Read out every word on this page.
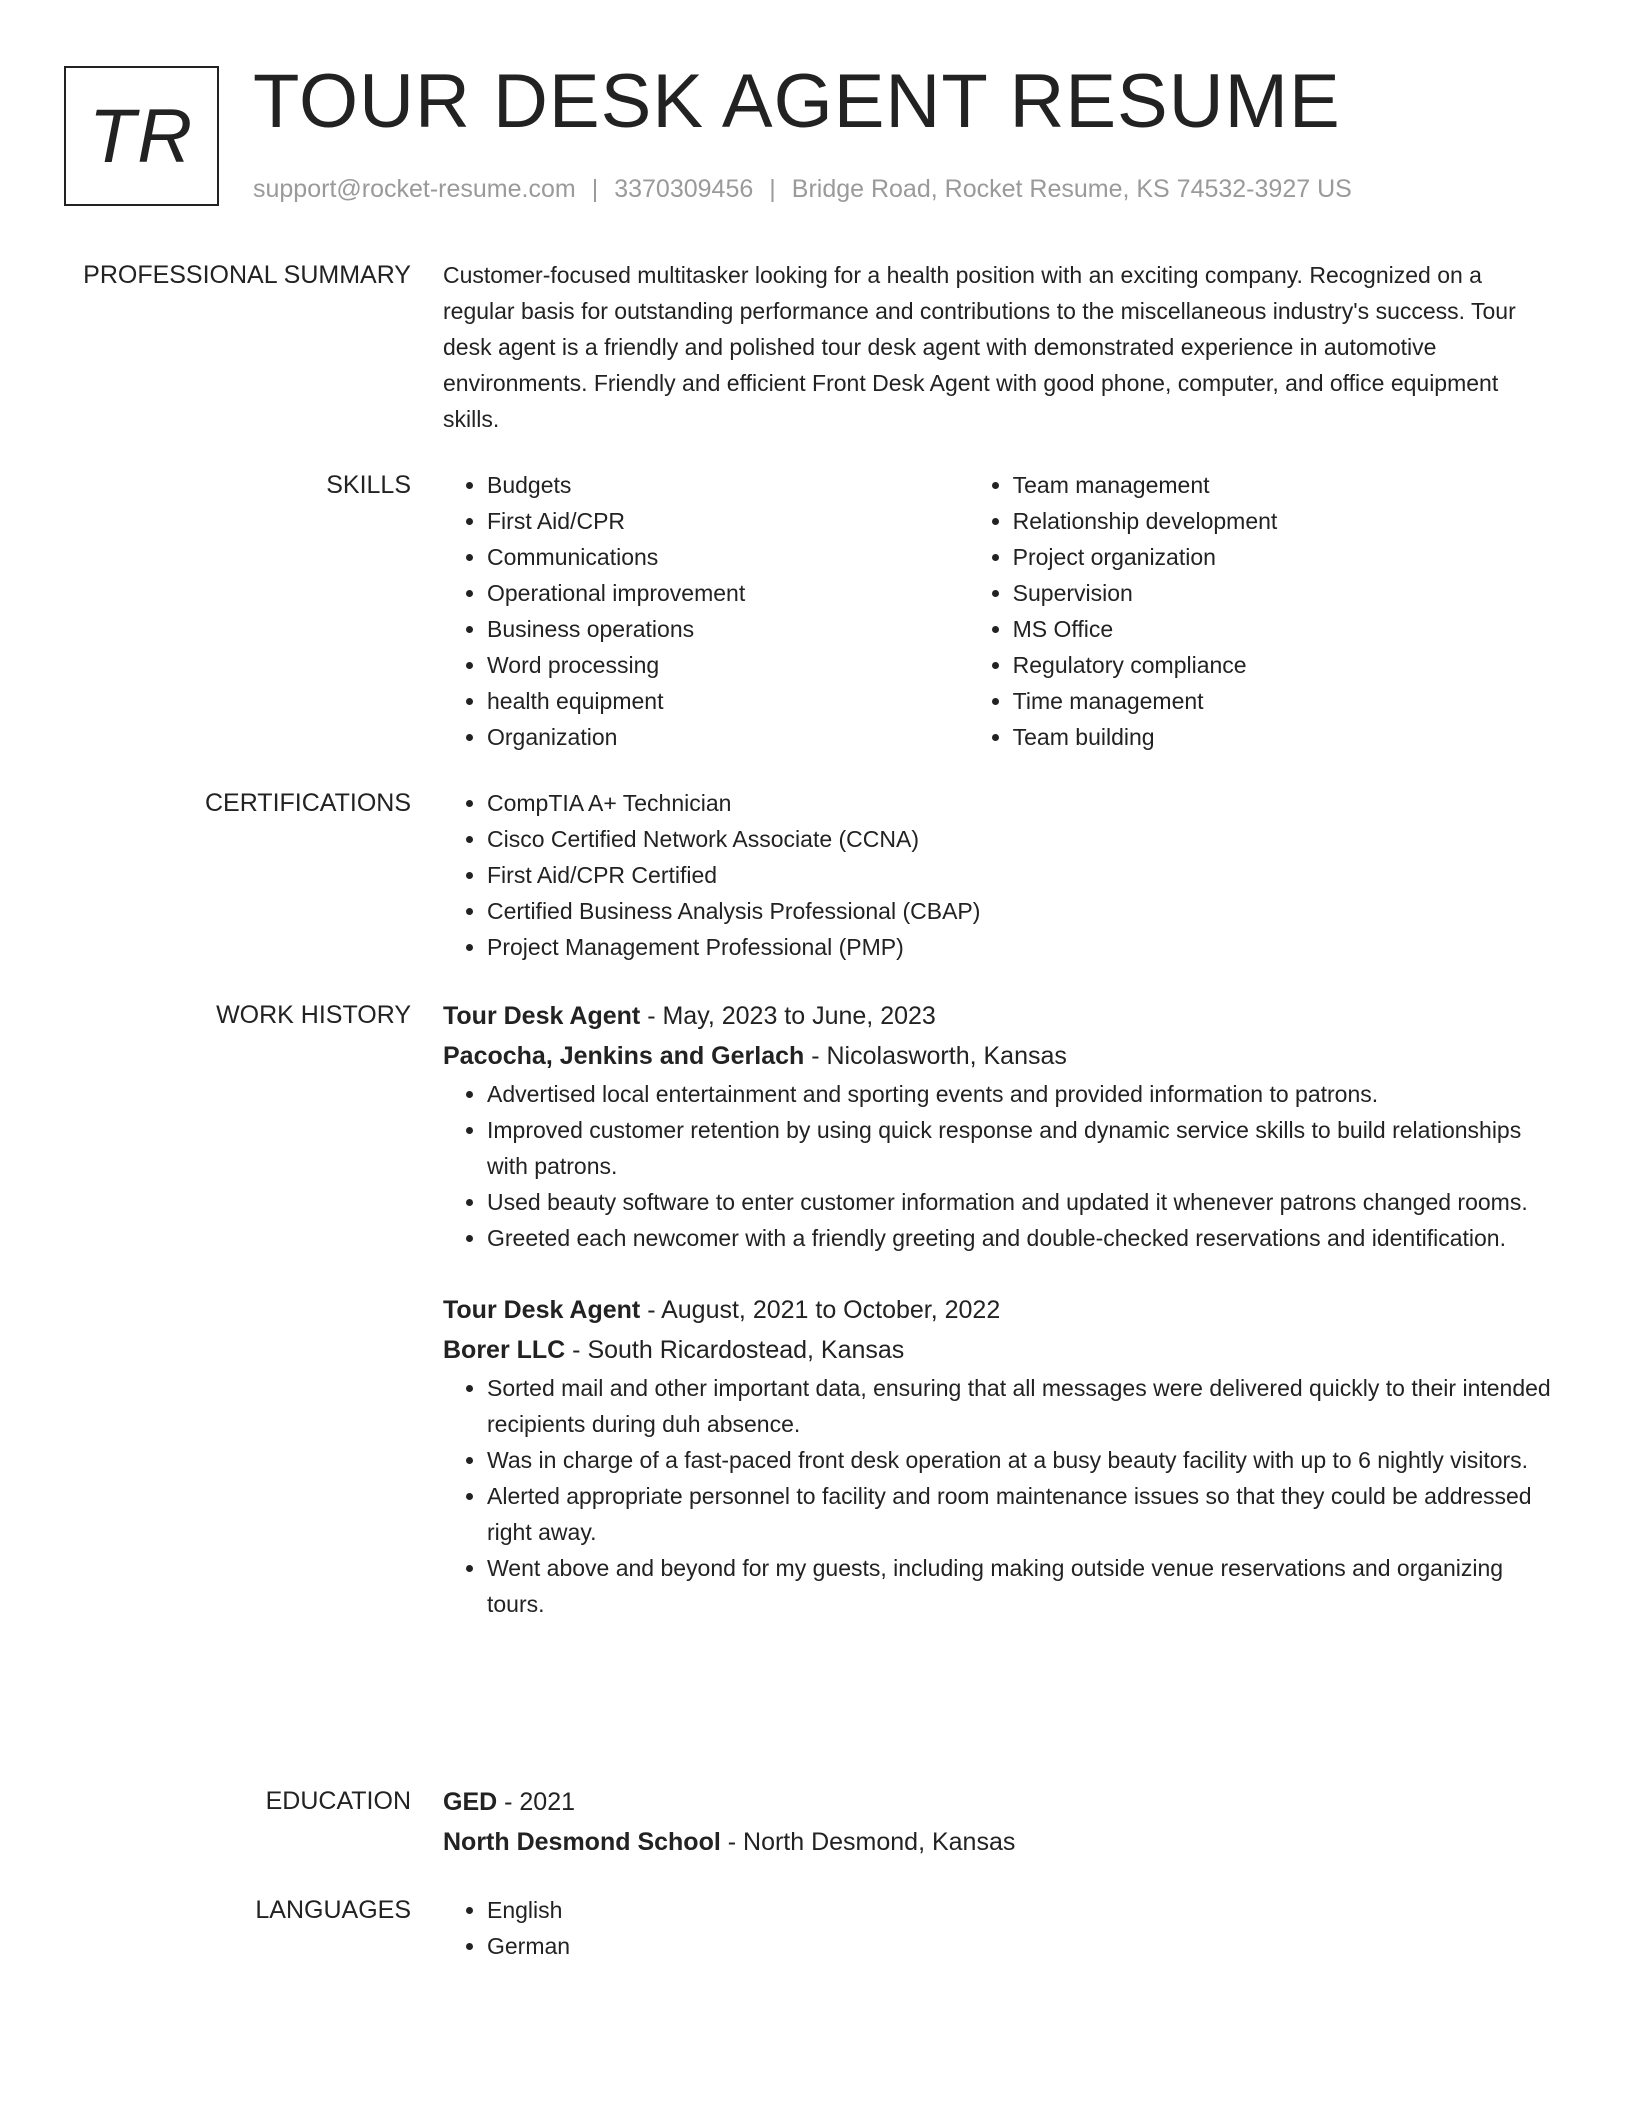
TR TOUR DESK AGENT RESUME
support@rocket-resume.com | 3370309456 | Bridge Road, Rocket Resume, KS 74532-3927 US
PROFESSIONAL SUMMARY Customer-focused multitasker looking for a health position with an exciting company. Recognized on a regular basis for outstanding performance and contributions to the miscellaneous industry's success. Tour desk agent is a friendly and polished tour desk agent with demonstrated experience in automotive environments. Friendly and efficient Front Desk Agent with good phone, computer, and office equipment skills.

SKILLS	• Budgets
• First Aid/CPR
• Communications
• Operational improvement
• Business operations
• Word processing
• health equipment
• Organization
• Team management
• Relationship development
• Project organization
• Supervision
• MS Office
• Regulatory compliance
• Time management
• Team building
CERTIFICATIONS	• CompTIA A+ Technician
• Cisco Certified Network Associate (CCNA)
• First Aid/CPR Certified
• Certified Business Analysis Professional (CBAP)
• Project Management Professional (PMP)
WORK HISTORY Tour Desk Agent - May, 2023 to June, 2023
Pacocha, Jenkins and Gerlach - Nicolasworth, Kansas
• Advertised local entertainment and sporting events and provided information to patrons.
• Improved customer retention by using quick response and dynamic service skills to build relationships with patrons.
• Used beauty software to enter customer information and updated it whenever patrons changed rooms.
• Greeted each newcomer with a friendly greeting and double-checked reservations and identification.
Tour Desk Agent - August, 2021 to October, 2022
Borer LLC - South Ricardostead, Kansas
• Sorted mail and other important data, ensuring that all messages were delivered quickly to their intended recipients during duh absence.
• Was in charge of a fast-paced front desk operation at a busy beauty facility with up to 6 nightly visitors.
• Alerted appropriate personnel to facility and room maintenance issues so that they could be addressed right away.
• Went above and beyond for my guests, including making outside venue reservations and organizing tours.
EDUCATION GED - 2021
North Desmond School - North Desmond, Kansas
LANGUAGES	• English
• German
